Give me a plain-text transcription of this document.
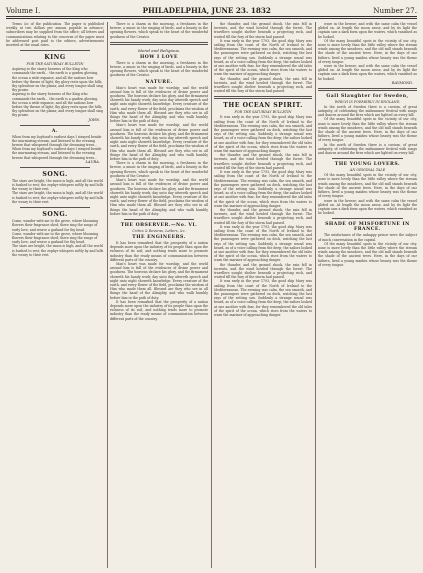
Volume I.	PHILADELPHIA, JUNE 23. 1832	Number 27.
Terms &c of the publication. The paper is published weekly at two dollars per annum payable in advance; subscribers may be supplied from the office; all letters and communications relating to the concerns of the paper must be addressed post paid to the editors; advertisements inserted at the usual rates.
KING
FOR THE SATURDAY BULLETIN
Aspiring to the starry heavens of the King who commands the earth... the earth is a garden glowing, the ocean a wide expanse, and all the nations bow before thy throne of light; thy glory rests upon the hills, thy splendour on the plains; and every tongue shall sing thy praise.
Aspiring to the starry heavens of the King who commands the earth... the earth is a garden glowing, the ocean a wide expanse, and all the nations bow before thy throne of light; thy glory rests upon the hills, thy splendour on the plains; and every tongue shall sing thy praise.
JOHN.
A.
When from my boyhood's earliest days I strayed beside the murmuring stream, and listened to the evening breeze that whispered through the dreaming trees...
When from my boyhood's earliest days I strayed beside the murmuring stream, and listened to the evening breeze that whispered through the dreaming trees...
LAURA.
SONG.
The stars are bright, the moon is high, and all the world is hushed to rest; the zephyr whispers softly by and lulls the weary to their rest.
The stars are bright, the moon is high, and all the world is hushed to rest; the zephyr whispers softly by and lulls the weary to their rest.
SONG.
Come, wander with me to the grove, where blooming flowers their fragrance shed; there sing the songs of early love, and weave a garland for thy head.
Come, wander with me to the grove, where blooming flowers their fragrance shed; there sing the songs of early love, and weave a garland for thy head.
The stars are bright, the moon is high, and all the world is hushed to rest; the zephyr whispers softly by and lulls the weary to their rest.
There is a charm in the morning, a freshness in the breeze, a music in the singing of birds, and a beauty in the opening flowers, which speak to the heart of the wonderful goodness of the Creator.
Moral and Religious.
HOW I LOVE
There is a charm in the morning, a freshness in the breeze, a music in the singing of birds, and a beauty in the opening flowers, which speak to the heart of the wonderful goodness of the Creator.
NATURE.
Man's heart was made for worship; and the world around him is full of the evidences of divine power and goodness. The heavens declare his glory, and the firmament showeth his handy work; day unto day uttereth speech and night unto night showeth knowledge. Every creature of the earth, and every flower of the field, proclaims the wisdom of Him who made them all. Blessed are they who see in all things the hand of the Almighty, and who walk humbly before him in the path of duty.
Man's heart was made for worship; and the world around him is full of the evidences of divine power and goodness. The heavens declare his glory, and the firmament showeth his handy work; day unto day uttereth speech and night unto night showeth knowledge. Every creature of the earth, and every flower of the field, proclaims the wisdom of Him who made them all. Blessed are they who see in all things the hand of the Almighty, and who walk humbly before him in the path of duty.
There is a charm in the morning, a freshness in the breeze, a music in the singing of birds, and a beauty in the opening flowers, which speak to the heart of the wonderful goodness of the Creator.
Man's heart was made for worship; and the world around him is full of the evidences of divine power and goodness. The heavens declare his glory, and the firmament showeth his handy work; day unto day uttereth speech and night unto night showeth knowledge. Every creature of the earth, and every flower of the field, proclaims the wisdom of Him who made them all. Blessed are they who see in all things the hand of the Almighty, and who walk humbly before him in the path of duty.
THE OBSERVER.—No. VI.
Critics & Reviews, Letters, &c.
THE ENGINEERS.
It has been remarked that the prosperity of a nation depends more upon the industry of its people than upon the richness of its soil; and nothing tends more to promote industry than the ready means of communication between different parts of the country.
Man's heart was made for worship; and the world around him is full of the evidences of divine power and goodness. The heavens declare his glory, and the firmament showeth his handy work; day unto day uttereth speech and night unto night showeth knowledge. Every creature of the earth, and every flower of the field, proclaims the wisdom of Him who made them all. Blessed are they who see in all things the hand of the Almighty, and who walk humbly before him in the path of duty.
It has been remarked that the prosperity of a nation depends more upon the industry of its people than upon the richness of its soil; and nothing tends more to promote industry than the ready means of communication between different parts of the country.
the thunder, and the ground shook, the rain fell in torrents, and the wind howled through the forest. The travellers sought shelter beneath a projecting rock, and waited till the fury of the storm had passed.
It was early in the year 1793, the good ship Mary was sailing from the coast of the North of Ireland to the Mediterranean. The evening was calm, the sea smooth, and the passengers were gathered on deck, watching the last rays of the setting sun. Suddenly a strange sound was heard, as of a voice calling from the deep; the sailors looked at one another with fear, for they remembered the old tales of the spirit of the ocean, which rises from the waters to warn the mariner of approaching danger.
the thunder, and the ground shook, the rain fell in torrents, and the wind howled through the forest. The travellers sought shelter beneath a projecting rock, and waited till the fury of the storm had passed.
THE OCEAN SPIRIT.
FOR THE SATURDAY BULLETIN
It was early in the year 1793, the good ship Mary was sailing from the coast of the North of Ireland to the Mediterranean. The evening was calm, the sea smooth, and the passengers were gathered on deck, watching the last rays of the setting sun. Suddenly a strange sound was heard, as of a voice calling from the deep; the sailors looked at one another with fear, for they remembered the old tales of the spirit of the ocean, which rises from the waters to warn the mariner of approaching danger.
the thunder, and the ground shook, the rain fell in torrents, and the wind howled through the forest. The travellers sought shelter beneath a projecting rock, and waited till the fury of the storm had passed.
It was early in the year 1793, the good ship Mary was sailing from the coast of the North of Ireland to the Mediterranean. The evening was calm, the sea smooth, and the passengers were gathered on deck, watching the last rays of the setting sun. Suddenly a strange sound was heard, as of a voice calling from the deep; the sailors looked at one another with fear, for they remembered the old tales of the spirit of the ocean, which rises from the waters to warn the mariner of approaching danger.
the thunder, and the ground shook, the rain fell in torrents, and the wind howled through the forest. The travellers sought shelter beneath a projecting rock, and waited till the fury of the storm had passed.
It was early in the year 1793, the good ship Mary was sailing from the coast of the North of Ireland to the Mediterranean. The evening was calm, the sea smooth, and the passengers were gathered on deck, watching the last rays of the setting sun. Suddenly a strange sound was heard, as of a voice calling from the deep; the sailors looked at one another with fear, for they remembered the old tales of the spirit of the ocean, which rises from the waters to warn the mariner of approaching danger.
the thunder, and the ground shook, the rain fell in torrents, and the wind howled through the forest. The travellers sought shelter beneath a projecting rock, and waited till the fury of the storm had passed.
It was early in the year 1793, the good ship Mary was sailing from the coast of the North of Ireland to the Mediterranean. The evening was calm, the sea smooth, and the passengers were gathered on deck, watching the last rays of the setting sun. Suddenly a strange sound was heard, as of a voice calling from the deep; the sailors looked at one another with fear, for they remembered the old tales of the spirit of the ocean, which rises from the waters to warn the mariner of approaching danger.
wave in the breeze; and with the same calm the vessel glided on. At length the moon arose, and by its light the captain saw a dark form upon the waters, which vanished as he looked.
Of the many beautiful spots in the vicinity of our city, none is more lovely than the little valley where the stream winds among the meadows, and the old mill stands beneath the shade of the ancient trees. Here, in the days of our fathers, lived a young maiden whose beauty was the theme of every tongue.
wave in the breeze; and with the same calm the vessel glided on. At length the moon arose, and by its light the captain saw a dark form upon the waters, which vanished as he looked.
RAYMOND.
Gall Slaughter for Sweden,
WHICH IS FORMERLY IN ENGLAND.
In the north of Sweden there is a custom, of great antiquity, of celebrating the midsummer festival with songs and dances around the fires which are lighted on every hill.
Of the many beautiful spots in the vicinity of our city, none is more lovely than the little valley where the stream winds among the meadows, and the old mill stands beneath the shade of the ancient trees. Here, in the days of our fathers, lived a young maiden whose beauty was the theme of every tongue.
In the north of Sweden there is a custom, of great antiquity, of celebrating the midsummer festival with songs and dances around the fires which are lighted on every hill.
THE YOUNG LOVERS.
AN ORIGINAL TALE
Of the many beautiful spots in the vicinity of our city, none is more lovely than the little valley where the stream winds among the meadows, and the old mill stands beneath the shade of the ancient trees. Here, in the days of our fathers, lived a young maiden whose beauty was the theme of every tongue.
wave in the breeze; and with the same calm the vessel glided on. At length the moon arose, and by its light the captain saw a dark form upon the waters, which vanished as he looked.
SHADE OF MISFORTUNE IN FRANCE.
The misfortunes of the unhappy prince were the subject of much conversation in the capital.
Of the many beautiful spots in the vicinity of our city, none is more lovely than the little valley where the stream winds among the meadows, and the old mill stands beneath the shade of the ancient trees. Here, in the days of our fathers, lived a young maiden whose beauty was the theme of every tongue.
